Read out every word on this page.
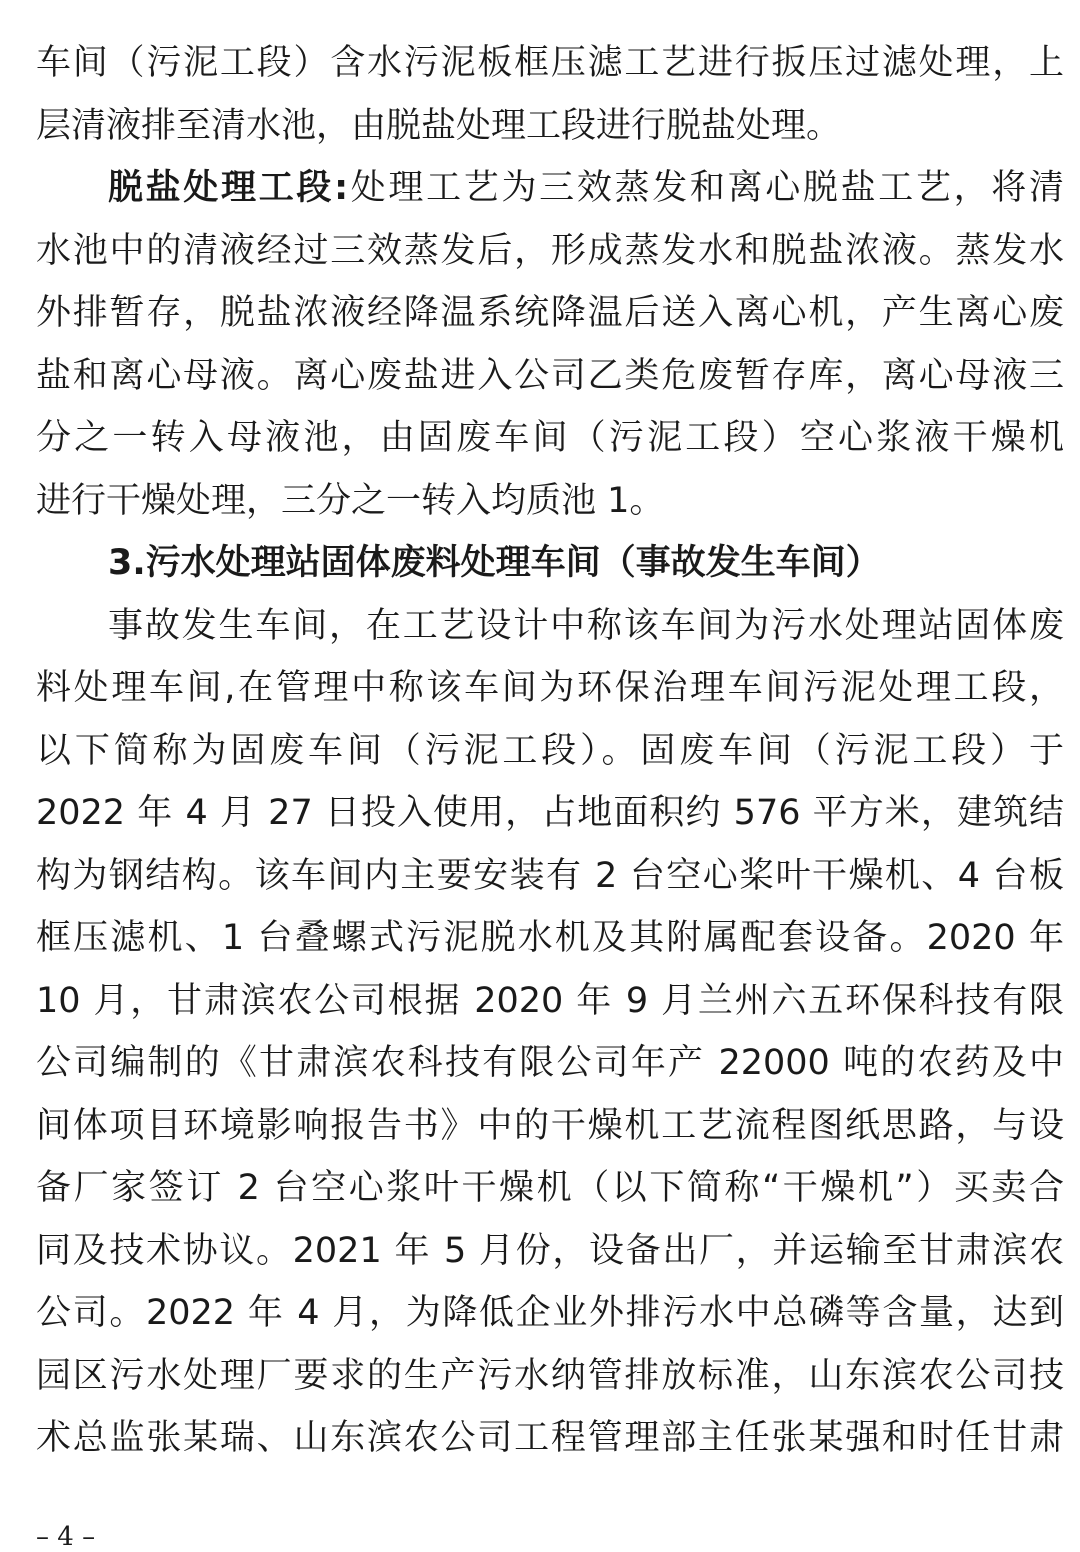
车间（污泥工段）含水污泥板框压滤工艺进行扳压过滤处理，上
层清液排至清水池，由脱盐处理工段进行脱盐处理。
脱盐处理工段:处理工艺为三效蒸发和离心脱盐工艺，将清
水池中的清液经过三效蒸发后，形成蒸发水和脱盐浓液。蒸发水
外排暂存，脱盐浓液经降温系统降温后送入离心机，产生离心废
盐和离心母液。离心废盐进入公司乙类危废暂存库，离心母液三
分之一转入母液池，由固废车间（污泥工段）空心浆液干燥机
进行干燥处理，三分之一转入均质池 1。
3.污水处理站固体废料处理车间（事故发生车间）
事故发生车间，在工艺设计中称该车间为污水处理站固体废
料处理车间,在管理中称该车间为环保治理车间污泥处理工段，
以下简称为固废车间（污泥工段）。固废车间（污泥工段）于
2022 年 4 月 27 日投入使用，占地面积约 576 平方米，建筑结
构为钢结构。该车间内主要安装有 2 台空心桨叶干燥机、4 台板
框压滤机、1 台叠螺式污泥脱水机及其附属配套设备。2020 年
10 月，甘肃滨农公司根据 2020 年 9 月兰州六五环保科技有限
公司编制的《甘肃滨农科技有限公司年产 22000 吨的农药及中
间体项目环境影响报告书》中的干燥机工艺流程图纸思路，与设
备厂家签订 2 台空心浆叶干燥机（以下简称“干燥机”）买卖合
同及技术协议。2021 年 5 月份，设备出厂，并运输至甘肃滨农
公司。2022 年 4 月，为降低企业外排污水中总磷等含量，达到
园区污水处理厂要求的生产污水纳管排放标准，山东滨农公司技
术总监张某瑞、山东滨农公司工程管理部主任张某强和时任甘肃
– 4 –
